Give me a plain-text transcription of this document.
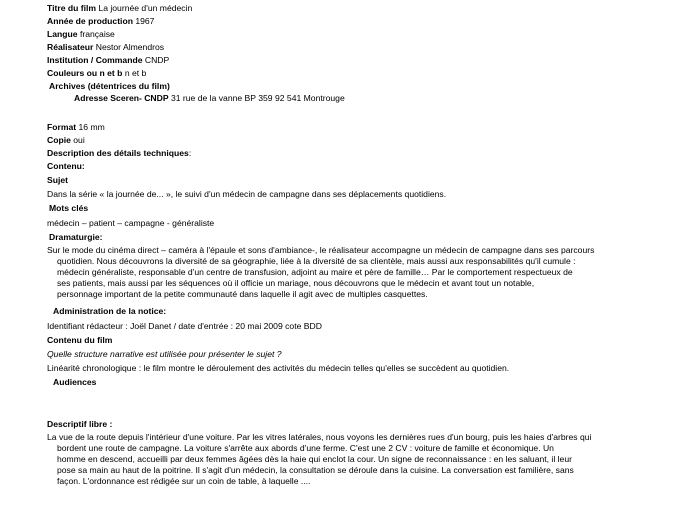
Titre du film La journée d'un médecin
Année de production 1967
Langue française
Réalisateur Nestor Almendros
Institution / Commande CNDP
Couleurs ou n et b n et b
Archives (détentrices du film)
Adresse Sceren- CNDP 31 rue de la vanne BP 359 92 541 Montrouge
Format 16 mm
Copie oui
Description des détails techniques:
Contenu:
Sujet
Dans la série « la journée de... », le suivi d'un médecin de campagne dans ses déplacements quotidiens.
Mots clés
médecin – patient – campagne - généraliste
Dramaturgie:
Sur le mode du cinéma direct – caméra à l'épaule et sons d'ambiance-, le réalisateur accompagne un médecin de campagne dans ses parcours
quotidien. Nous découvrons la diversité de sa géographie, liée à la diversité de sa clientèle, mais aussi aux responsabilités qu'il cumule :
médecin généraliste, responsable d'un centre de transfusion, adjoint au maire et père de famille… Par le comportement respectueux de
ses patients, mais aussi par les séquences où il officie un mariage, nous découvrons que le médecin et avant tout un notable,
personnage important de la petite communauté dans laquelle il agit avec de multiples casquettes.
Administration de la notice:
Identifiant rédacteur : Joël Danet / date d'entrée : 20 mai 2009 cote BDD
Contenu du film
Quelle structure narrative est utilisée pour présenter le sujet ?
Linéarité chronologique : le film montre le déroulement des activités du médecin telles qu'elles se succèdent au quotidien.
Audiences
Descriptif libre :
La vue de la route depuis l'intérieur d'une voiture. Par les vitres latérales, nous voyons les dernières rues d'un bourg, puis les haies d'arbres qui
bordent une route de campagne. La voiture s'arrête aux abords d'une ferme. C'est une 2 CV : voiture de famille et économique. Un
homme en descend, accueilli par deux femmes âgées dès la haie qui enclot la cour. Un signe de reconnaissance : en les saluant, il leur
pose sa main au haut de la poitrine. Il s'agit d'un médecin, la consultation se déroule dans la cuisine. La conversation est familière, sans
façon. L'ordonnance est rédigée sur un coin de table, à laquelle ....
